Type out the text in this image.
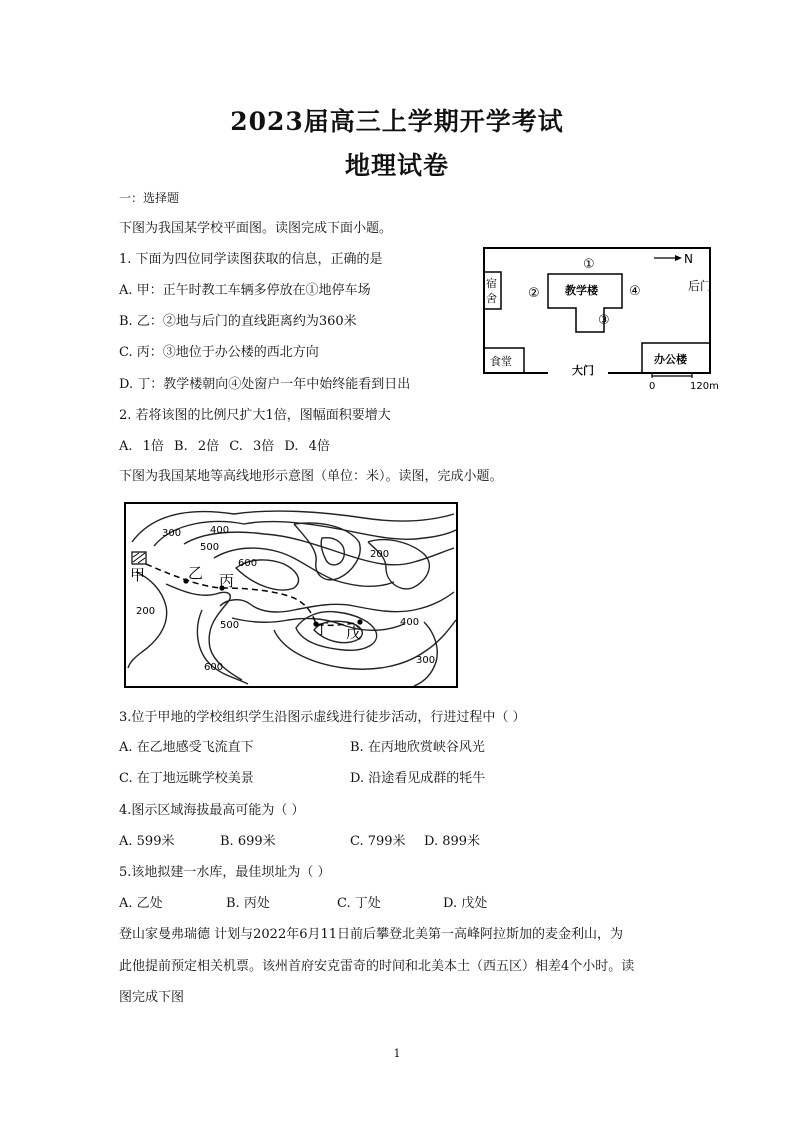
2023届高三上学期开学考试
地理试卷
一：选择题
下图为我国某学校平面图。读图完成下面小题。
1. 下面为四位同学读图获取的信息，正确的是
A. 甲：正午时教工车辆多停放在①地停车场
B. 乙：②地与后门的直线距离约为360米
C. 丙：③地位于办公楼的西北方向
D. 丁：教学楼朝向④处窗户一年中始终能看到日出
2. 若将该图的比例尺扩大1倍，图幅面积要增大
A. 1倍 B. 2倍 C. 3倍 D. 4倍
下图为我国某地等高线地形示意图（单位：米）。读图，完成小题。
N
后门
宿
舍
①
②	④
教学楼
③
食堂
大门
办公楼
0	120m
300	400
500
600
200
200
500
600
400
300
甲	乙 丙
丁 戊
3.位于甲地的学校组织学生沿图示虚线进行徒步活动，行进过程中（ ）
A. 在乙地感受飞流直下	B. 在丙地欣赏峡谷风光
C. 在丁地远眺学校美景	D. 沿途看见成群的牦牛
4.图示区域海拔最高可能为（ ）
A. 599米	B. 699米	C. 799米 D. 899米
5.该地拟建一水库，最佳坝址为（ ）
A. 乙处	B. 丙处	C. 丁处	D. 戊处
登山家曼弗瑞德 计划与2022年6月11日前后攀登北美第一高峰阿拉斯加的麦金利山，为
此他提前预定相关机票。该州首府安克雷奇的时间和北美本土（西五区）相差4个小时。读
图完成下图
1
